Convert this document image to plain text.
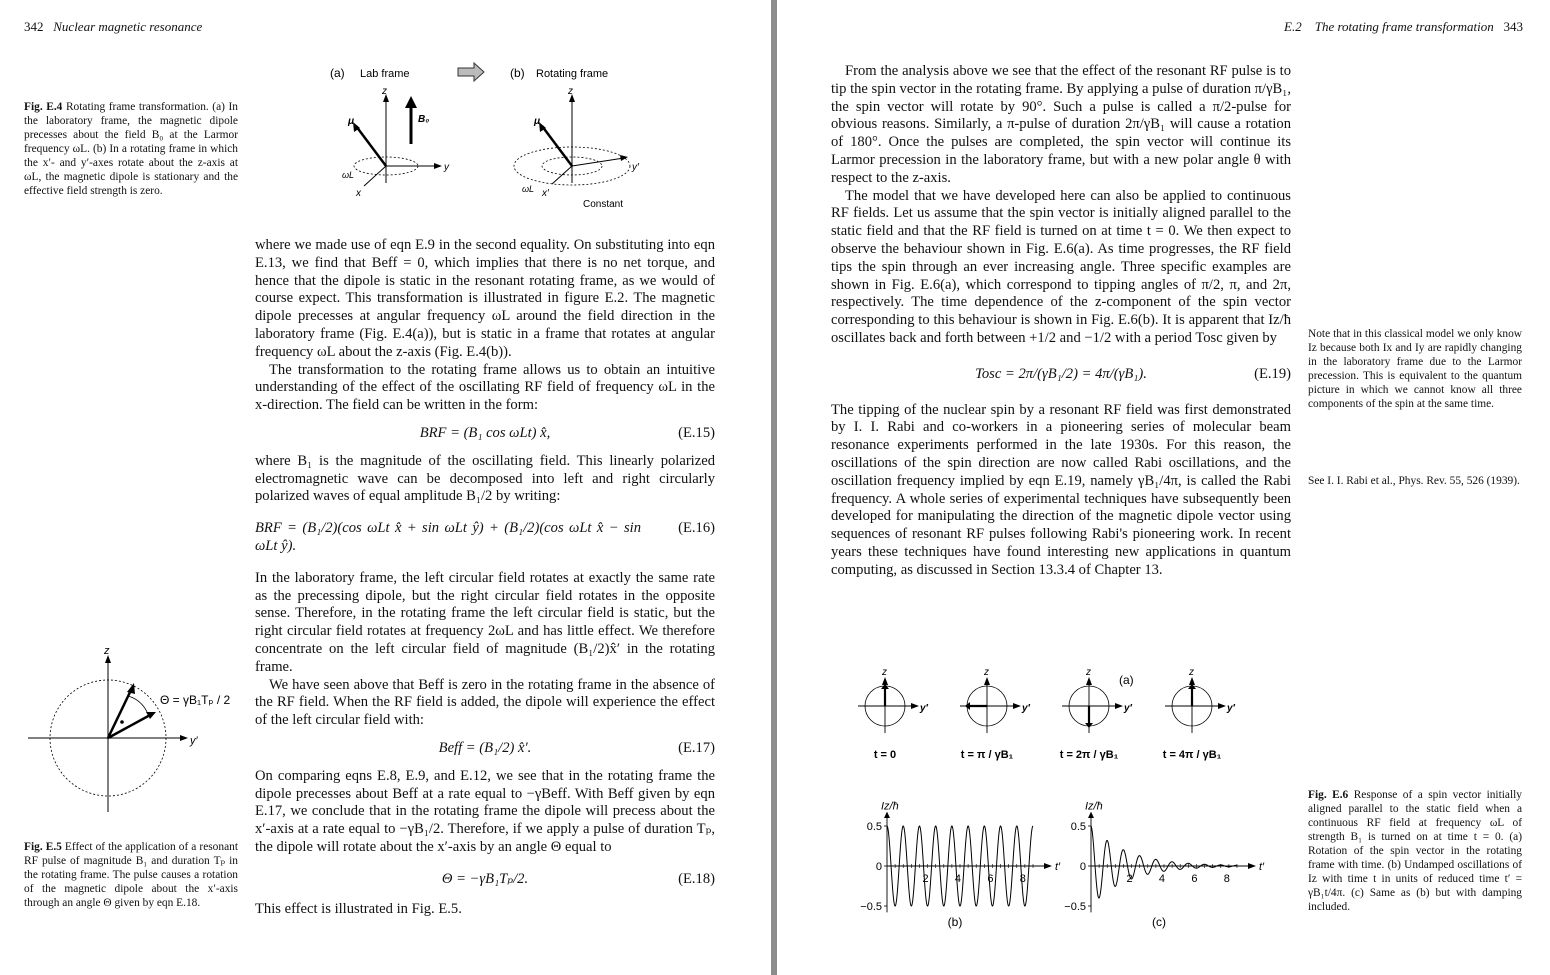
342 Nuclear magnetic resonance
(a) Lab frame	(b) Rotating frame
z
y
x
μ	B₀
ωL
z
y′
x′
μ
ωL
Constant
Fig. E.4 Rotating frame transformation. (a) In the laboratory frame, the magnetic dipole precesses about the field B₀ at the Larmor frequency ωL. (b) In a rotating frame in which the x′- and y′-axes rotate about the z-axis at ωL, the magnetic dipole is stationary and the effective field strength is zero.
z
y′
Θ = γB₁Tₚ / 2
Fig. E.5 Effect of the application of a resonant RF pulse of magnitude B₁ and duration Tₚ in the rotating frame. The pulse causes a rotation of the magnetic dipole about the x′-axis through an angle Θ given by eqn E.18.

where we made use of eqn E.9 in the second equality. On substituting into eqn E.13, we find that Beff = 0, which implies that there is no net torque, and hence that the dipole is static in the resonant rotating frame, as we would of course expect. This transformation is illustrated in figure E.2. The magnetic dipole precesses at angular frequency ωL around the field direction in the laboratory frame (Fig. E.4(a)), but is static in a frame that rotates at angular frequency ωL about the z-axis (Fig. E.4(b)).

The transformation to the rotating frame allows us to obtain an intuitive understanding of the effect of the oscillating RF field of frequency ωL in the x-direction. The field can be written in the form:

BRF = (B₁ cos ωLt) x̂,	(E.15)

where B₁ is the magnitude of the oscillating field. This linearly polarized electromagnetic wave can be decomposed into left and right circularly polarized waves of equal amplitude B₁/2 by writing:

BRF = (B₁/2)(cos ωLt x̂ + sin ωLt ŷ) + (B₁/2)(cos ωLt x̂ − sin ωLt ŷ).
(E.16)

In the laboratory frame, the left circular field rotates at exactly the same rate as the precessing dipole, but the right circular field rotates in the opposite sense. Therefore, in the rotating frame the left circular field is static, but the right circular field rotates at frequency 2ωL and has little effect. We therefore concentrate on the left circular field of magnitude (B₁/2)x̂′ in the rotating frame.

We have seen above that Beff is zero in the rotating frame in the absence of the RF field. When the RF field is added, the dipole will experience the effect of the left circular field with:

Beff = (B₁/2) x̂′.	(E.17)

On comparing eqns E.8, E.9, and E.12, we see that in the rotating frame the dipole precesses about Beff at a rate equal to −γBeff. With Beff given by eqn E.17, we conclude that in the rotating frame the dipole will precess about the x′-axis at a rate equal to −γB₁/2. Therefore, if we apply a pulse of duration Tₚ, the dipole will rotate about the x′-axis by an angle Θ equal to

Θ = −γB₁Tₚ/2.	(E.18)

This effect is illustrated in Fig. E.5.

E.2 The rotating frame transformation 343

From the analysis above we see that the effect of the resonant RF pulse is to tip the spin vector in the rotating frame. By applying a pulse of duration π/γB₁, the spin vector will rotate by 90°. Such a pulse is called a π/2-pulse for obvious reasons. Similarly, a π-pulse of duration 2π/γB₁ will cause a rotation of 180°. Once the pulses are completed, the spin vector will continue its Larmor precession in the laboratory frame, but with a new polar angle θ with respect to the z-axis.

The model that we have developed here can also be applied to continuous RF fields. Let us assume that the spin vector is initially aligned parallel to the static field and that the RF field is turned on at time t = 0. We then expect to observe the behaviour shown in Fig. E.6(a). As time progresses, the RF field tips the spin through an ever increasing angle. Three specific examples are shown in Fig. E.6(a), which correspond to tipping angles of π/2, π, and 2π, respectively. The time dependence of the z-component of the spin vector corresponding to this behaviour is shown in Fig. E.6(b). It is apparent that Iz/ħ oscillates back and forth between +1/2 and −1/2 with a period Tosc given by

Tosc = 2π/(γB₁/2) = 4π/(γB₁).	(E.19)

The tipping of the nuclear spin by a resonant RF field was first demonstrated by I. I. Rabi and co-workers in a pioneering series of molecular beam resonance experiments performed in the late 1930s. For this reason, the oscillations of the spin direction are now called Rabi oscillations, and the oscillation frequency implied by eqn E.19, namely γB₁/4π, is called the Rabi frequency. A whole series of experimental techniques have subsequently been developed for manipulating the direction of the magnetic dipole vector using sequences of resonant RF pulses following Rabi's pioneering work. In recent years these techniques have found interesting new applications in quantum computing, as discussed in Section 13.3.4 of Chapter 13.

Note that in this classical model we only know Iz because both Ix and Iy are rapidly changing in the laboratory frame due to the Larmor precession. This is equivalent to the quantum picture in which we cannot know all three components of the spin at the same time.
See I. I. Rabi et al., Phys. Rev. 55, 526 (1939).
z
y′
t = 0
z
y′
t = π / γB₁
z
y′
t = 2π / γB₁
z
y′
t = 4π / γB₁
(a)
Iz/ħ
t′
0.5
0
−0.5
2 4 6 8
(b)
Iz/ħ
t′
0.5
0
−0.5
2 4 6 8
(c)
Fig. E.6 Response of a spin vector initially aligned parallel to the static field when a continuous RF field at frequency ωL of strength B₁ is turned on at time t = 0. (a) Rotation of the spin vector in the rotating frame with time. (b) Undamped oscillations of Iz with time t in units of reduced time t′ = γB₁t/4π. (c) Same as (b) but with damping included.
